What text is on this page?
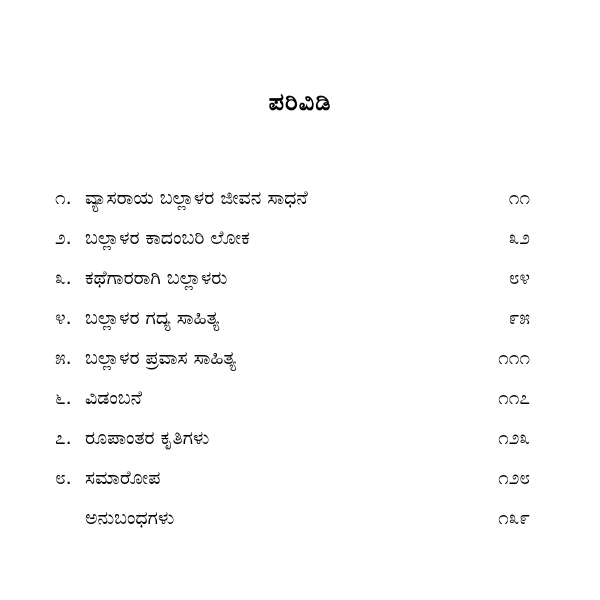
ಪರಿವಿಡಿ
೧. ವ್ಯಾಸರಾಯ ಬಲ್ಲಾಳರ ಜೀವನ ಸಾಧನೆ	೧೧
೨. ಬಲ್ಲಾಳರ ಕಾದಂಬರಿ ಲೋಕ	೩೨
೩. ಕಥೆಗಾರರಾಗಿ ಬಲ್ಲಾಳರು	೮೪
೪. ಬಲ್ಲಾಳರ ಗದ್ಯ ಸಾಹಿತ್ಯ	೯೫
೫. ಬಲ್ಲಾಳರ ಪ್ರವಾಸ ಸಾಹಿತ್ಯ	೧೧೧
೬. ವಿಡಂಬನೆ	೧೧೭
೭. ರೂಪಾಂತರ ಕೃತಿಗಳು	೧೨೩
೮. ಸಮಾರೋಪ	೧೨೮
ಅನುಬಂಧಗಳು	೧೩೯
